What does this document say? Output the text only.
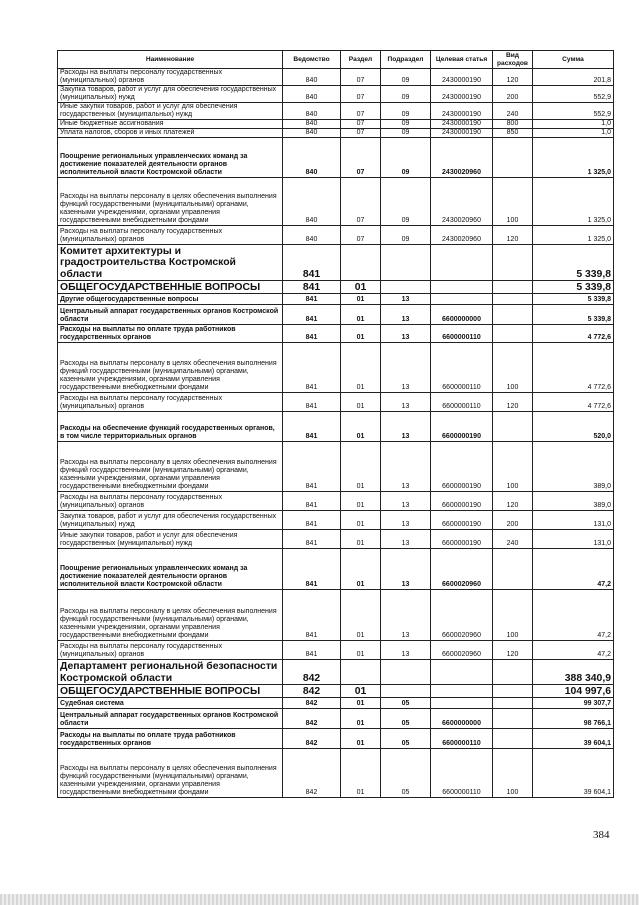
Наименование	Ведомство	Раздел	Подраздел	Целевая статья	Вид расходов	Сумма
Расходы на выплаты персоналу государственных (муниципальных) органов	840	07	09	2430000190	120	201,8
Закупка товаров, работ и услуг для обеспечения государственных (муниципальных) нужд	840	07	09	2430000190	200	552,9
Иные закупки товаров, работ и услуг для обеспечения государственных (муниципальных) нужд	840	07	09	2430000190	240	552,9
Иные бюджетные ассигнования	840	07	09	2430000190	800	1,0
Уплата налогов, сборов и иных платежей	840	07	09	2430000190	850	1,0
Поощрение региональных управленческих команд за достижение показателей деятельности органов исполнительной власти Костромской области	840	07	09	2430020960		1 325,0
Расходы на выплаты персоналу в целях обеспечения выполнения функций государственными (муниципальными) органами, казенными учреждениями, органами управления государственными внебюджетными фондами	840	07	09	2430020960	100	1 325,0
Расходы на выплаты персоналу государственных (муниципальных) органов	840	07	09	2430020960	120	1 325,0
Комитет архитектуры и градостроительства Костромской области	841					5 339,8
ОБЩЕГОСУДАРСТВЕННЫЕ ВОПРОСЫ	841	01				5 339,8
Другие общегосударственные вопросы	841	01	13			5 339,8
Центральный аппарат государственных органов Костромской области	841	01	13	6600000000		5 339,8
Расходы на выплаты по оплате труда работников государственных органов	841	01	13	6600000110		4 772,6
Расходы на выплаты персоналу в целях обеспечения выполнения функций государственными (муниципальными) органами, казенными учреждениями, органами управления государственными внебюджетными фондами	841	01	13	6600000110	100	4 772,6
Расходы на выплаты персоналу государственных (муниципальных) органов	841	01	13	6600000110	120	4 772,6
Расходы на обеспечение функций государственных органов, в том числе территориальных органов	841	01	13	6600000190		520,0
Расходы на выплаты персоналу в целях обеспечения выполнения функций государственными (муниципальными) органами, казенными учреждениями, органами управления государственными внебюджетными фондами	841	01	13	6600000190	100	389,0
Расходы на выплаты персоналу государственных (муниципальных) органов	841	01	13	6600000190	120	389,0
Закупка товаров, работ и услуг для обеспечения государственных (муниципальных) нужд	841	01	13	6600000190	200	131,0
Иные закупки товаров, работ и услуг для обеспечения государственных (муниципальных) нужд	841	01	13	6600000190	240	131,0
Поощрение региональных управленческих команд за достижение показателей деятельности органов исполнительной власти Костромской области	841	01	13	6600020960		47,2
Расходы на выплаты персоналу в целях обеспечения выполнения функций государственными (муниципальными) органами, казенными учреждениями, органами управления государственными внебюджетными фондами	841	01	13	6600020960	100	47,2
Расходы на выплаты персоналу государственных (муниципальных) органов	841	01	13	6600020960	120	47,2
Департамент региональной безопасности Костромской области	842					388 340,9
ОБЩЕГОСУДАРСТВЕННЫЕ ВОПРОСЫ	842	01				104 997,6
Судебная система	842	01	05			99 307,7
Центральный аппарат государственных органов Костромской области	842	01	05	6600000000		98 766,1
Расходы на выплаты по оплате труда работников государственных органов	842	01	05	6600000110		39 604,1
Расходы на выплаты персоналу в целях обеспечения выполнения функций государственными (муниципальными) органами, казенными учреждениями, органами управления государственными внебюджетными фондами	842	01	05	6600000110	100	39 604,1
384
